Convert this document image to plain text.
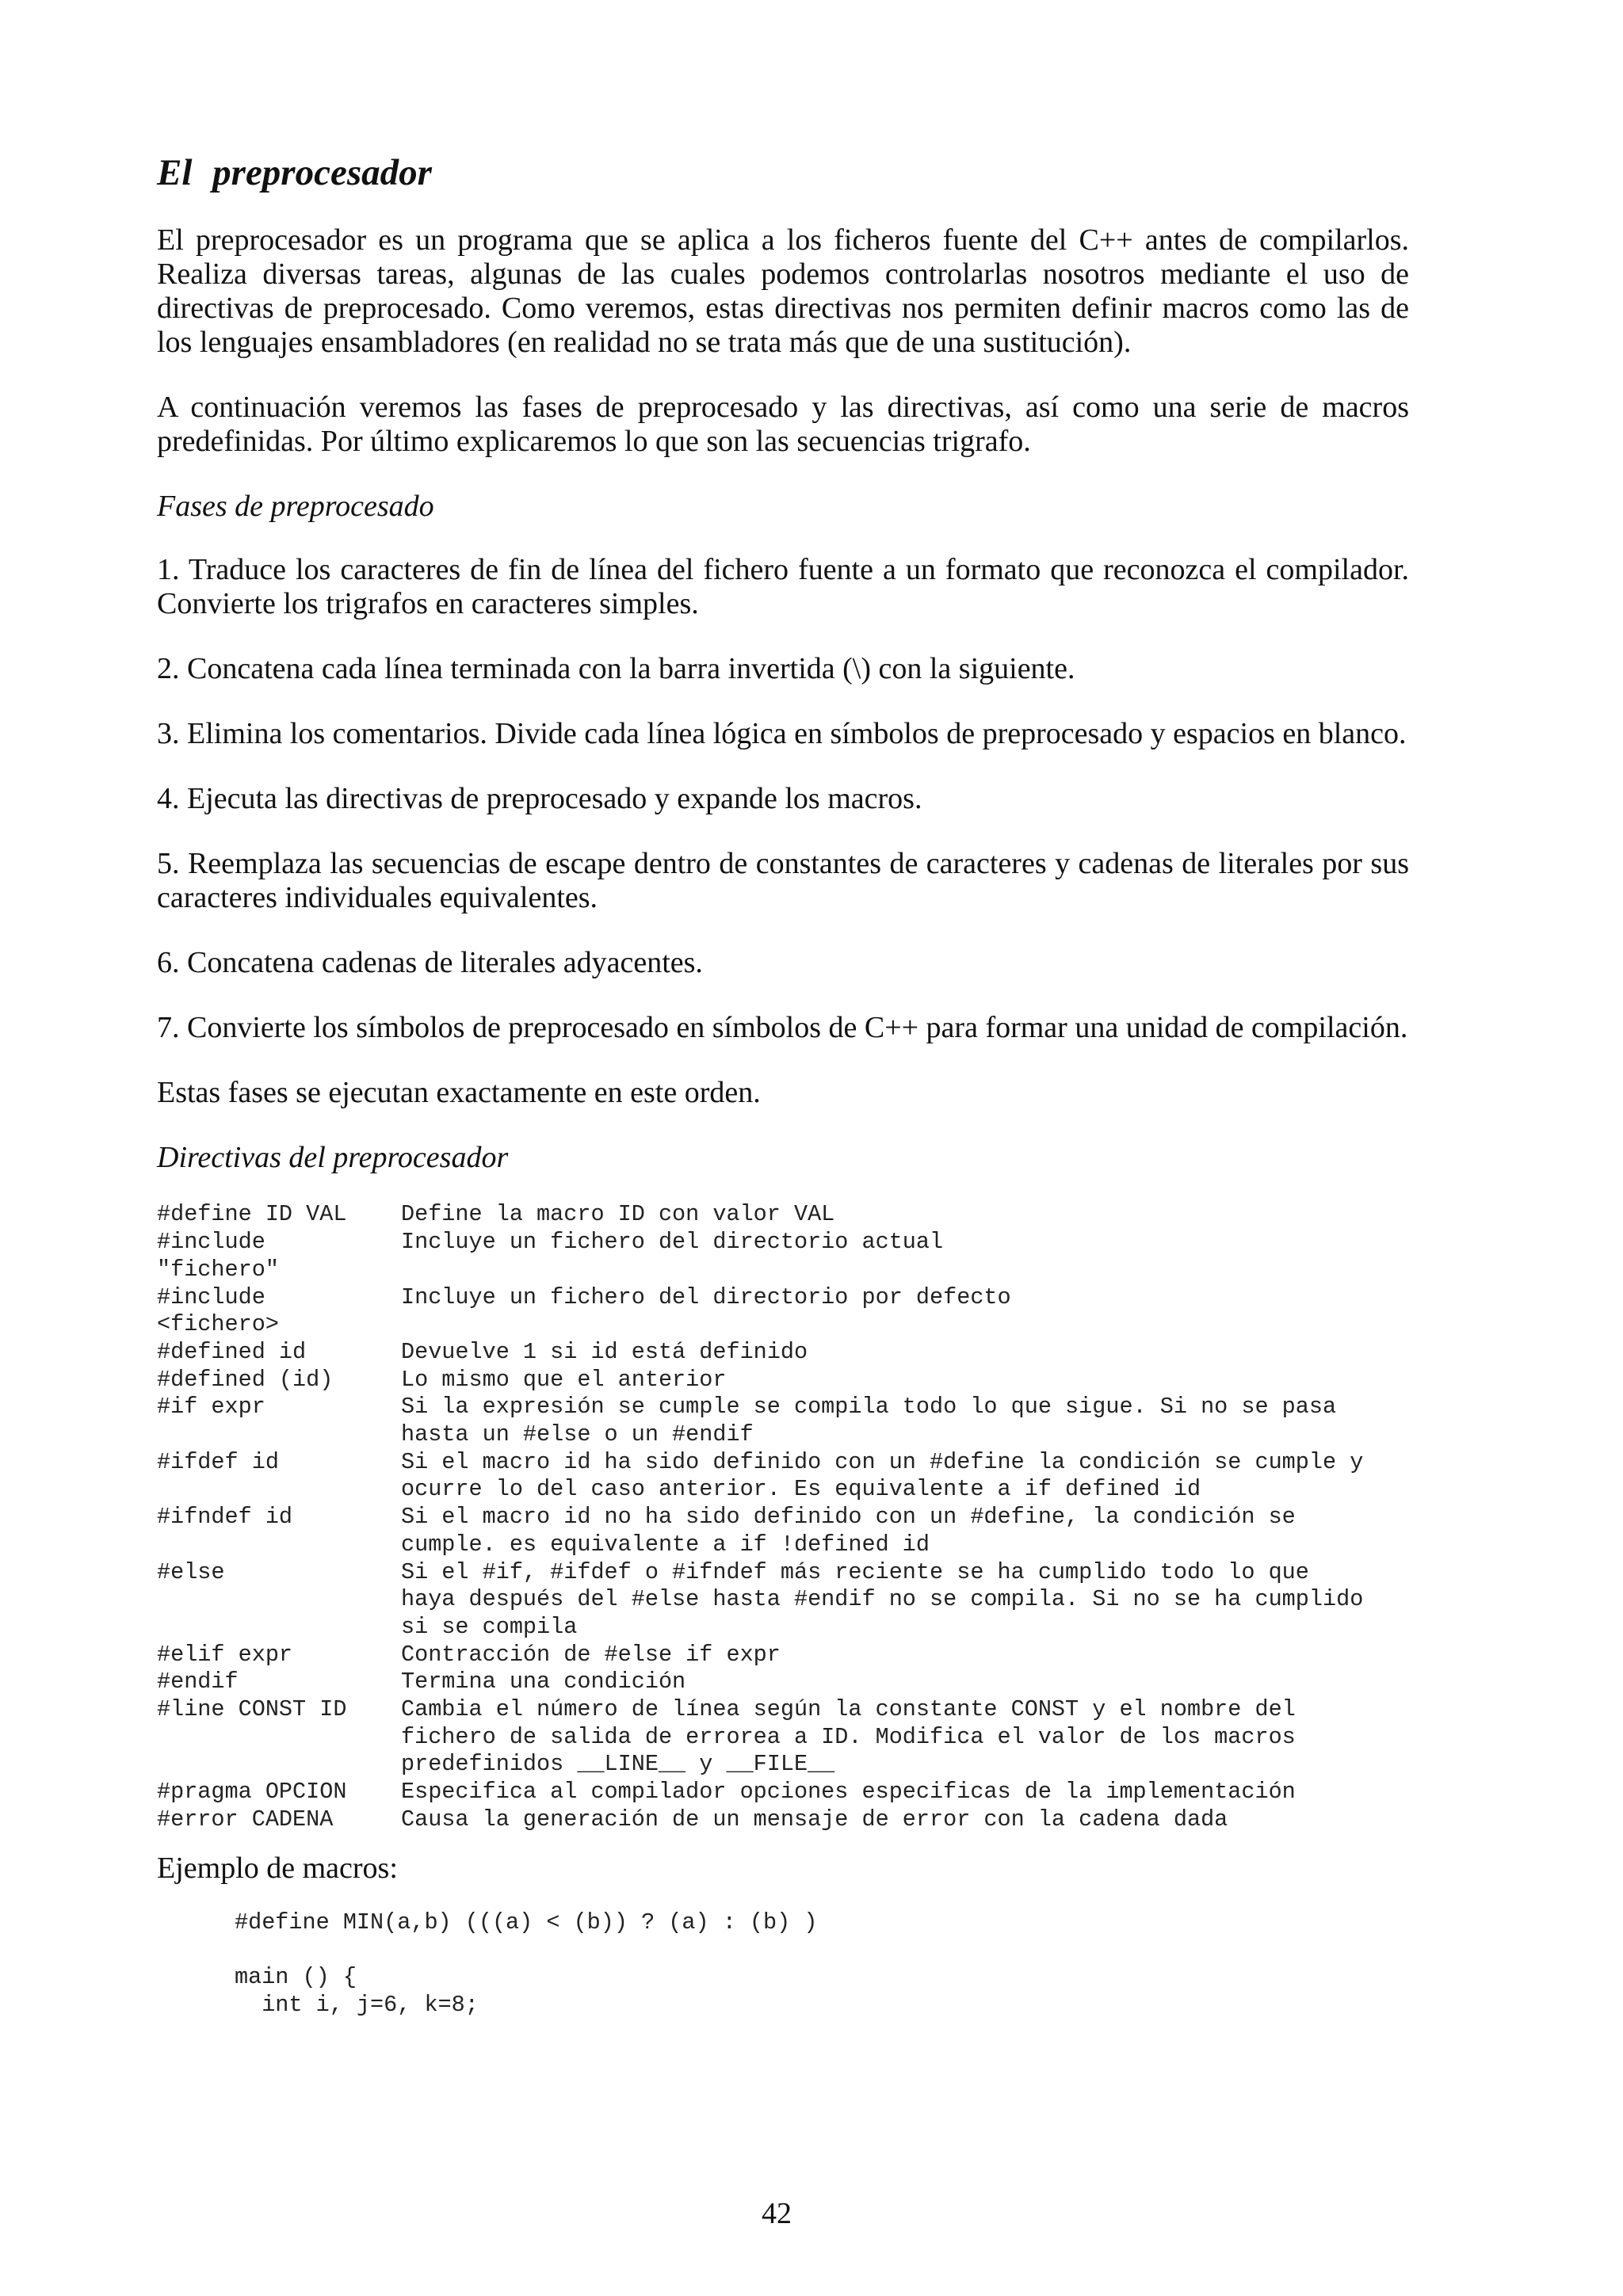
El preprocesador

El preprocesador es un programa que se aplica a los ficheros fuente del C++ antes de compilarlos. Realiza diversas tareas, algunas de las cuales podemos controlarlas nosotros mediante el uso de directivas de preprocesado. Como veremos, estas directivas nos permiten definir macros como las de los lenguajes ensambladores (en realidad no se trata más que de una sustitución).

A continuación veremos las fases de preprocesado y las directivas, así como una serie de macros predefinidas. Por último explicaremos lo que son las secuencias trigrafo.

Fases de preprocesado

1. Traduce los caracteres de fin de línea del fichero fuente a un formato que reconozca el compilador. Convierte los trigrafos en caracteres simples.

2. Concatena cada línea terminada con la barra invertida (\) con la siguiente.

3. Elimina los comentarios. Divide cada línea lógica en símbolos de preprocesado y espacios en blanco.

4. Ejecuta las directivas de preprocesado y expande los macros.

5. Reemplaza las secuencias de escape dentro de constantes de caracteres y cadenas de literales por sus caracteres individuales equivalentes.

6. Concatena cadenas de literales adyacentes.

7. Convierte los símbolos de preprocesado en símbolos de C++ para formar una unidad de compilación.

Estas fases se ejecutan exactamente en este orden.

Directivas del preprocesador

#define ID VAL	Define la macro ID con valor VAL
#include	Incluye un fichero del directorio actual
"fichero"
#include	Incluye un fichero del directorio por defecto
<fichero>
#defined id	Devuelve 1 si id está definido
#defined (id)	Lo mismo que el anterior
#if expr	Si la expresión se cumple se compila todo lo que sigue. Si no se pasa
hasta un #else o un #endif
#ifdef id	Si el macro id ha sido definido con un #define la condición se cumple y
ocurre lo del caso anterior. Es equivalente a if defined id
#ifndef id	Si el macro id no ha sido definido con un #define, la condición se
cumple. es equivalente a if !defined id
#else	Si el #if, #ifdef o #ifndef más reciente se ha cumplido todo lo que
haya después del #else hasta #endif no se compila. Si no se ha cumplido
si se compila
#elif expr	Contracción de #else if expr
#endif	Termina una condición
#line CONST ID	Cambia el número de línea según la constante CONST y el nombre del
fichero de salida de errorea a ID. Modifica el valor de los macros
predefinidos __LINE__ y __FILE__
#pragma OPCION	Especifica al compilador opciones especificas de la implementación
#error CADENA	Causa la generación de un mensaje de error con la cadena dada

Ejemplo de macros:

#define MIN(a,b) (((a) < (b)) ? (a) : (b) )
main () {
int i, j=6, k=8;
42
